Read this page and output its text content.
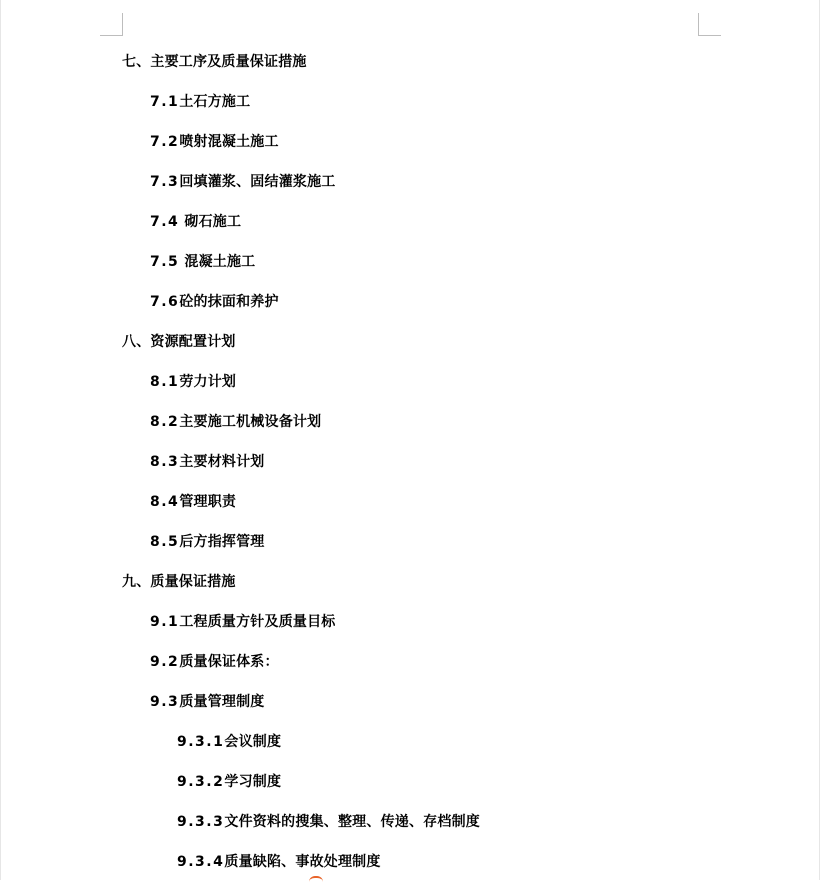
七、主要工序及质量保证措施
7.1土石方施工
7.2喷射混凝土施工
7.3回填灌浆、固结灌浆施工
7.4 砌石施工
7.5 混凝土施工
7.6砼的抹面和养护
八、资源配置计划
8.1劳力计划
8.2主要施工机械设备计划
8.3主要材料计划
8.4管理职责
8.5后方指挥管理
九、质量保证措施
9.1工程质量方针及质量目标
9.2质量保证体系：
9.3质量管理制度
9.3.1会议制度
9.3.2学习制度
9.3.3文件资料的搜集、整理、传递、存档制度
9.3.4质量缺陷、事故处理制度
